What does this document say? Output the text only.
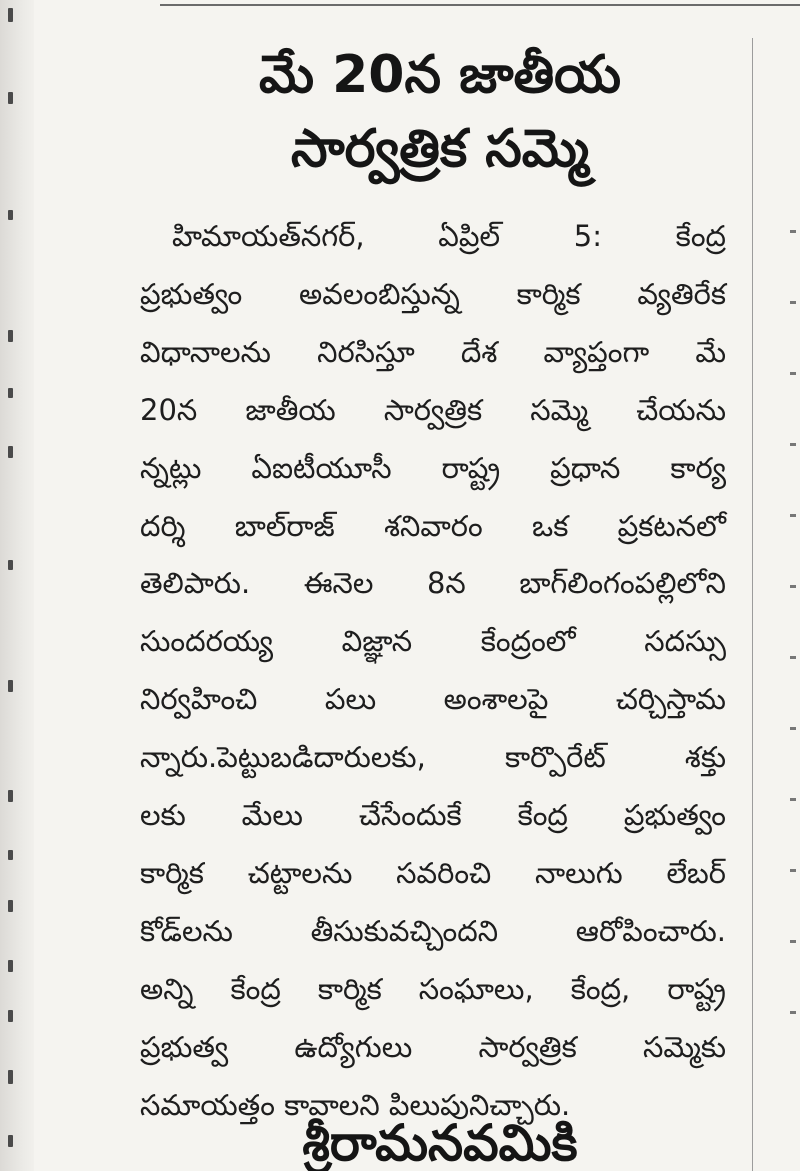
మే 20న జాతీయ
సార్వత్రిక సమ్మె
హిమాయత్‌నగర్‌, ఏప్రిల్‌ 5: కేంద్ర
ప్రభుత్వం అవలంబిస్తున్న కార్మిక వ్యతిరేక
విధానాలను నిరసిస్తూ దేశ వ్యాప్తంగా మే
20న జాతీయ సార్వత్రిక సమ్మె చేయను
న్నట్లు ఏఐటీయూసీ రాష్ట్ర ప్రధాన కార్య
దర్శి బాల్‌రాజ్‌ శనివారం ఒక ప్రకటనలో
తెలిపారు. ఈనెల 8న బాగ్‌లింగంపల్లిలోని
సుందరయ్య విజ్ఞాన కేంద్రంలో సదస్సు
నిర్వహించి పలు అంశాలపై చర్చిస్తామ
న్నారు.పెట్టుబడిదారులకు, కార్పొరేట్‌ శక్తు
లకు మేలు చేసేందుకే కేంద్ర ప్రభుత్వం
కార్మిక చట్టాలను సవరించి నాలుగు లేబర్‌
కోడ్‌లను తీసుకువచ్చిందని ఆరోపించారు.
అన్ని కేంద్ర కార్మిక సంఘాలు, కేంద్ర, రాష్ట్ర
ప్రభుత్వ ఉద్యోగులు సార్వత్రిక సమ్మెకు
సమాయత్తం కావాలని పిలుపునిచ్చారు.
శ్రీరామనవమికి
